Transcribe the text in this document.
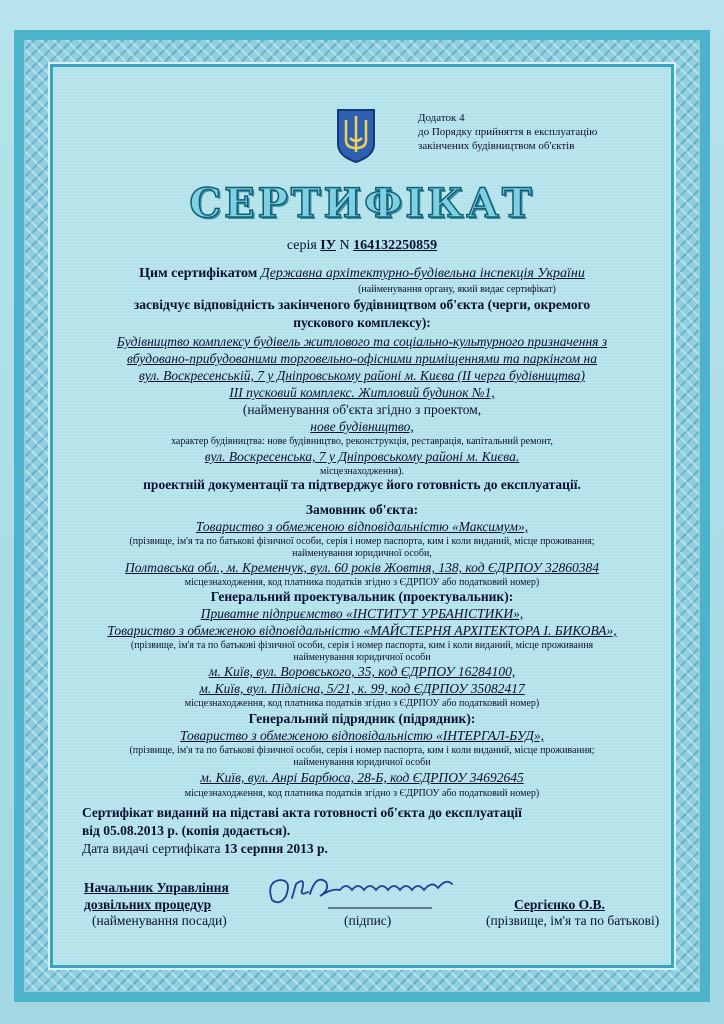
Додаток 4
до Порядку прийняття в експлуатацію
закінчених будівництвом об'єктів
СЕРТИФІКАТ
серія ІУ N 164132250859
Цим сертифікатом Державна архітектурно-будівельна інспекція України
(найменування органу, який видає сертифікат)
засвідчує відповідність закінченого будівництвом об'єкта (черги, окремого
пускового комплексу):
Будівництво комплексу будівель житлового та соціально-культурного призначення з
вбудовано-прибудованими торговельно-офісними приміщеннями та паркінгом на
вул. Воскресенській, 7 у Дніпровському районі м. Києва (ІІ черга будівництва)
ІІІ пусковий комплекс. Житловий будинок №1,
(найменування об'єкта згідно з проектом,
нове будівництво,
характер будівництва: нове будівництво, реконструкція, реставрація, капітальний ремонт,
вул. Воскресенська, 7 у Дніпровському районі м. Києва.
місцезнаходження).
проектній документації та підтверджує його готовність до експлуатації.
Замовник об'єкта:
Товариство з обмеженою відповідальністю «Максимум»,
(прізвище, ім'я та по батькові фізичної особи, серія і номер паспорта, ким і коли виданий, місце проживання;
найменування юридичної особи,
Полтавська обл., м. Кременчук, вул. 60 років Жовтня, 138, код ЄДРПОУ 32860384
місцезнаходження, код платника податків згідно з ЄДРПОУ або податковий номер)
Генеральний проектувальник (проектувальник):
Приватне підприємство «ІНСТИТУТ УРБАНІСТИКИ»,
Товариство з обмеженою відповідальністю «МАЙСТЕРНЯ АРХІТЕКТОРА І. БИКОВА»,
(прізвище, ім'я та по батькові фізичної особи, серія і номер паспорта, ким і коли виданий, місце проживання
найменування юридичної особи
м. Київ, вул. Воровського, 35, код ЄДРПОУ 16284100,
м. Київ, вул. Підлісна, 5/21, к. 99, код ЄДРПОУ 35082417
місцезнаходження, код платника податків згідно з ЄДРПОУ або податковий номер)
Генеральний підрядник (підрядник):
Товариство з обмеженою відповідальністю «ІНТЕРГАЛ-БУД»,
(прізвище, ім'я та по батькові фізичної особи, серія і номер паспорта, ким і коли виданий, місце проживання;
найменування юридичної особи
м. Київ, вул. Анрі Барбюса, 28-Б, код ЄДРПОУ 34692645
місцезнаходження, код платника податків згідно з ЄДРПОУ або податковий номер)
Сертифікат виданий на підставі акта готовності об'єкта до експлуатації
від 05.08.2013 р. (копія додається).
Дата видачі сертифіката 13 серпня 2013 р.
Начальник Управління
дозвільних процедур
(найменування посади)	(підпис)
Сергієнко О.В.
(прізвище, ім'я та по батькові)
